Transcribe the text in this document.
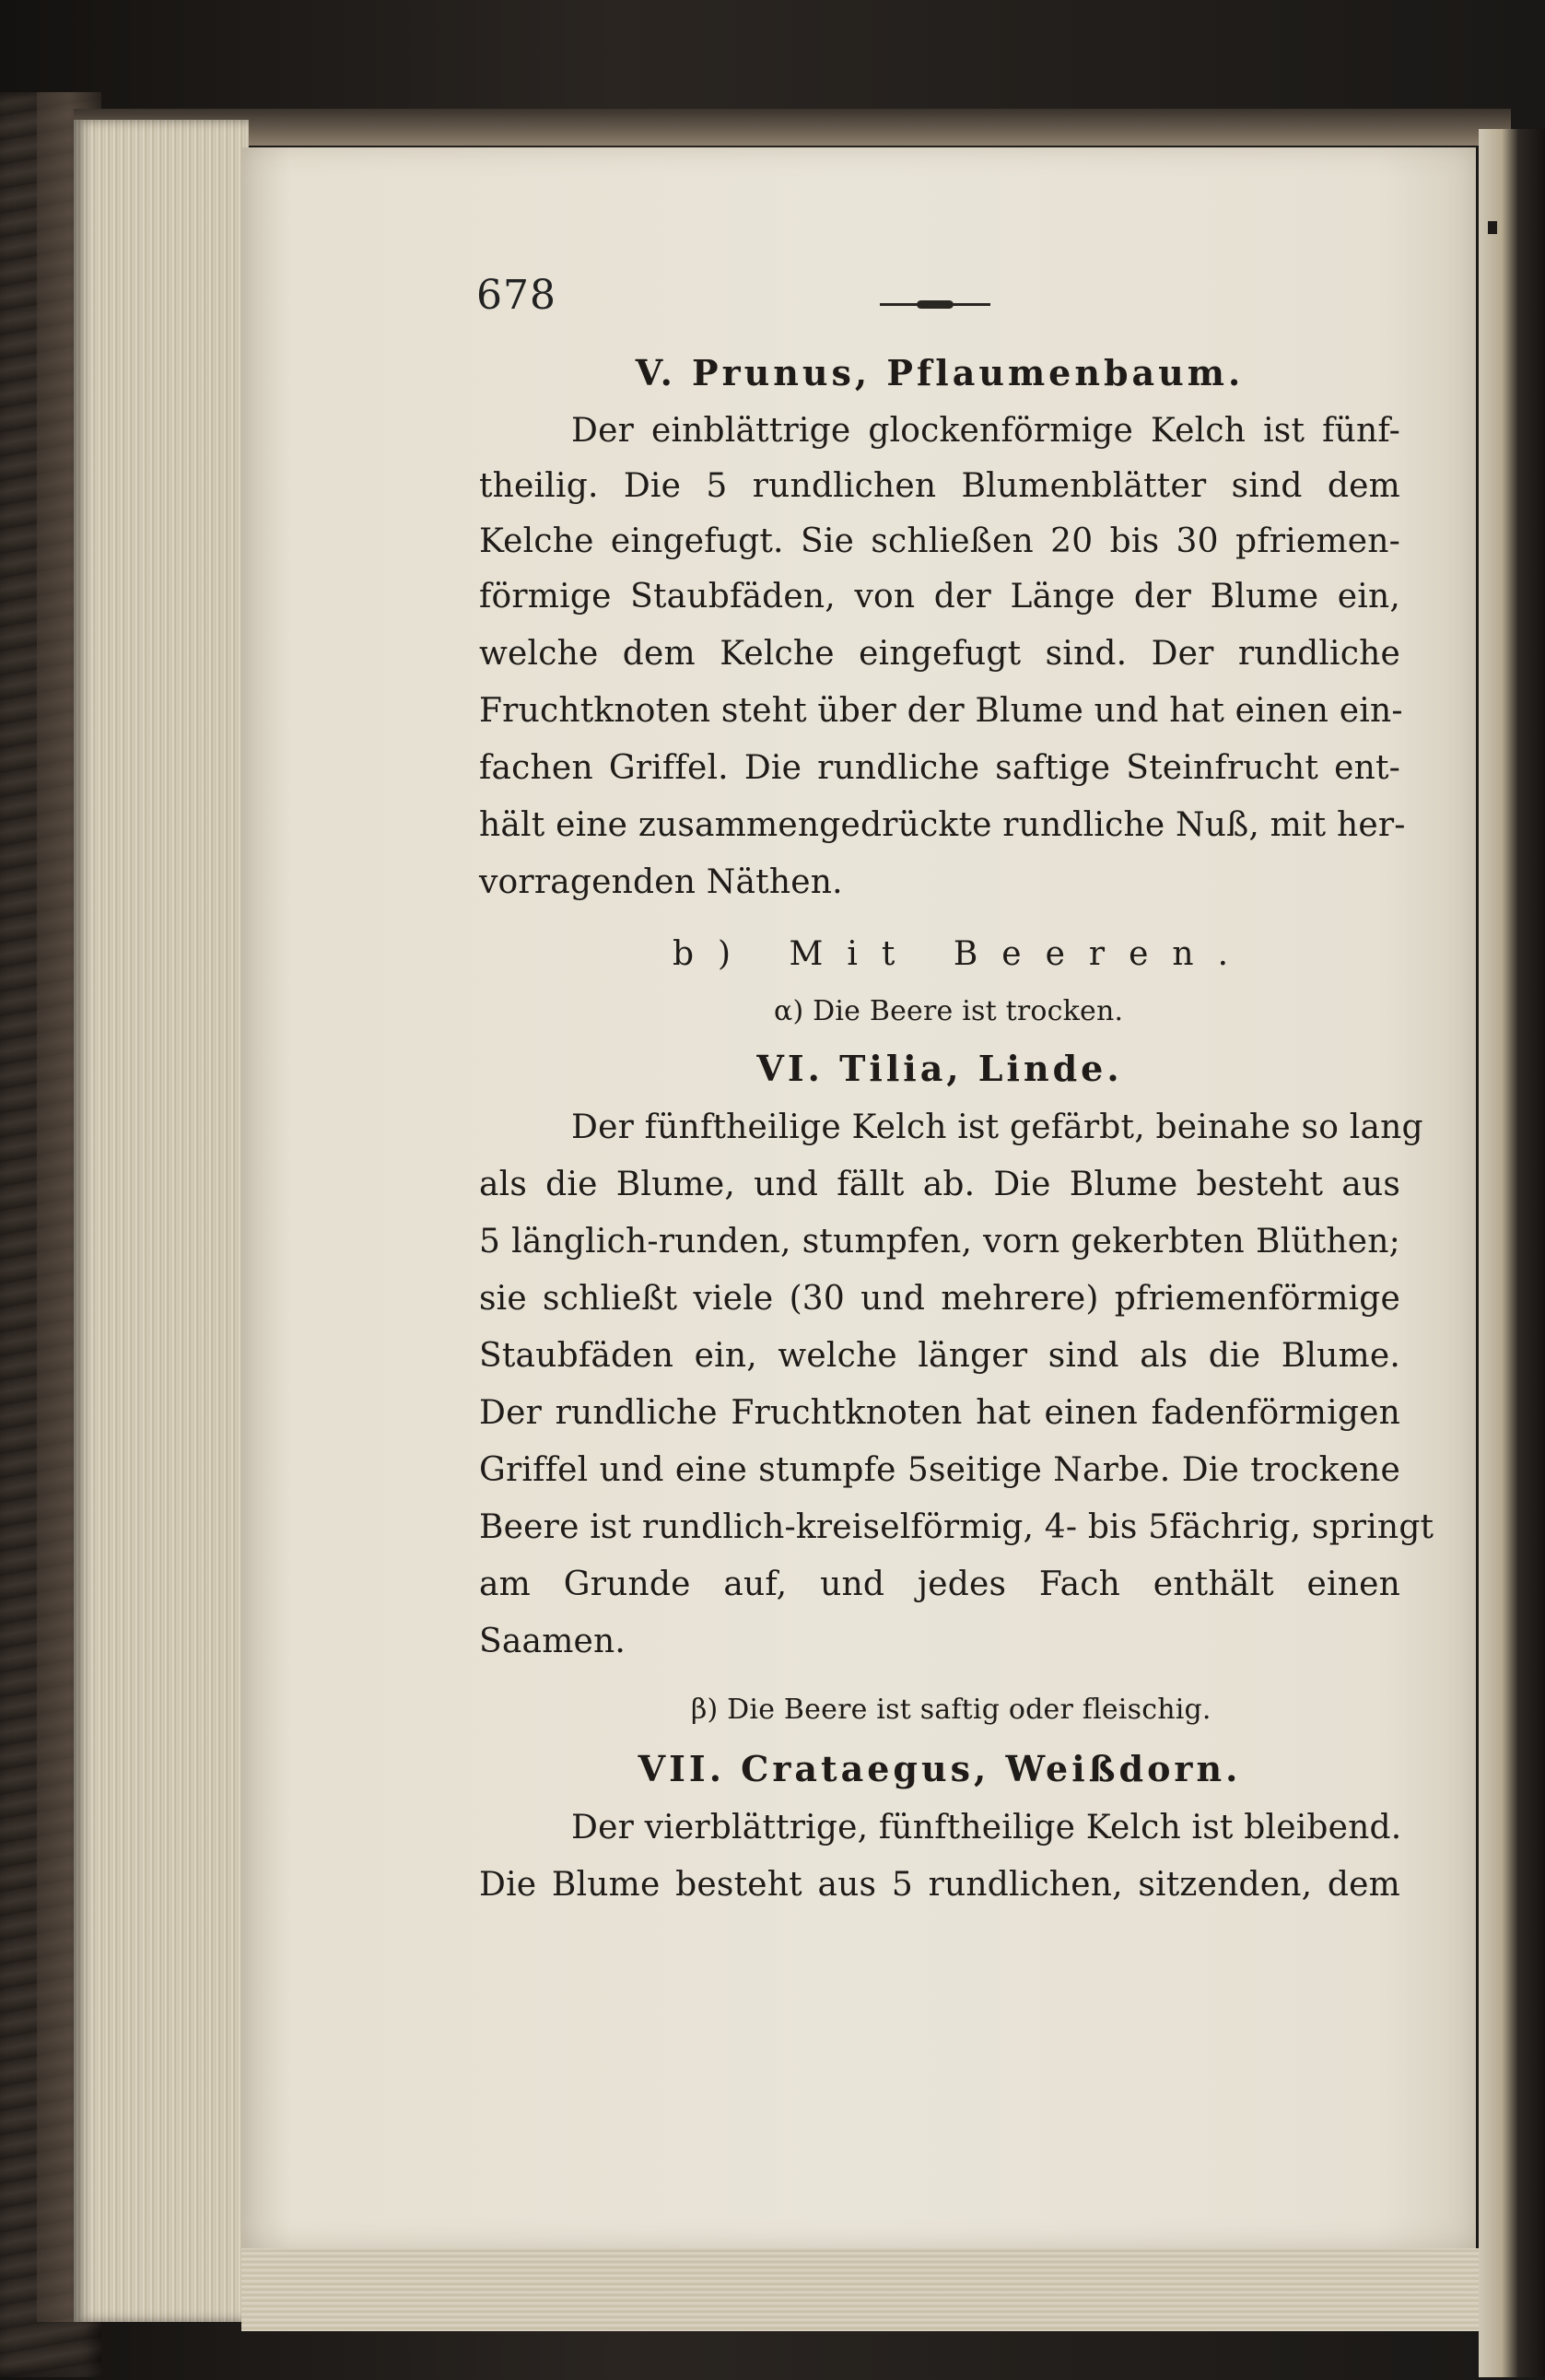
678
V. Prunus, Pflaumenbaum.
Der einblättrige glockenförmige Kelch ist fünf-
theilig. Die 5 rundlichen Blumenblätter sind dem
Kelche eingefugt. Sie schließen 20 bis 30 pfriemen-
förmige Staubfäden, von der Länge der Blume ein,
welche dem Kelche eingefugt sind. Der rundliche
Fruchtknoten steht über der Blume und hat einen ein-
fachen Griffel. Die rundliche saftige Steinfrucht ent-
hält eine zusammengedrückte rundliche Nuß, mit her-
vorragenden Näthen.
b) Mit Beeren.
α) Die Beere ist trocken.
VI. Tilia, Linde.
Der fünftheilige Kelch ist gefärbt, beinahe so lang
als die Blume, und fällt ab. Die Blume besteht aus
5 länglich-runden, stumpfen, vorn gekerbten Blüthen;
sie schließt viele (30 und mehrere) pfriemenförmige
Staubfäden ein, welche länger sind als die Blume.
Der rundliche Fruchtknoten hat einen fadenförmigen
Griffel und eine stumpfe 5seitige Narbe. Die trockene
Beere ist rundlich-kreiselförmig, 4- bis 5fächrig, springt
am Grunde auf, und jedes Fach enthält einen
Saamen.
β) Die Beere ist saftig oder fleischig.
VII. Crataegus, Weißdorn.
Der vierblättrige, fünftheilige Kelch ist bleibend.
Die Blume besteht aus 5 rundlichen, sitzenden, dem
